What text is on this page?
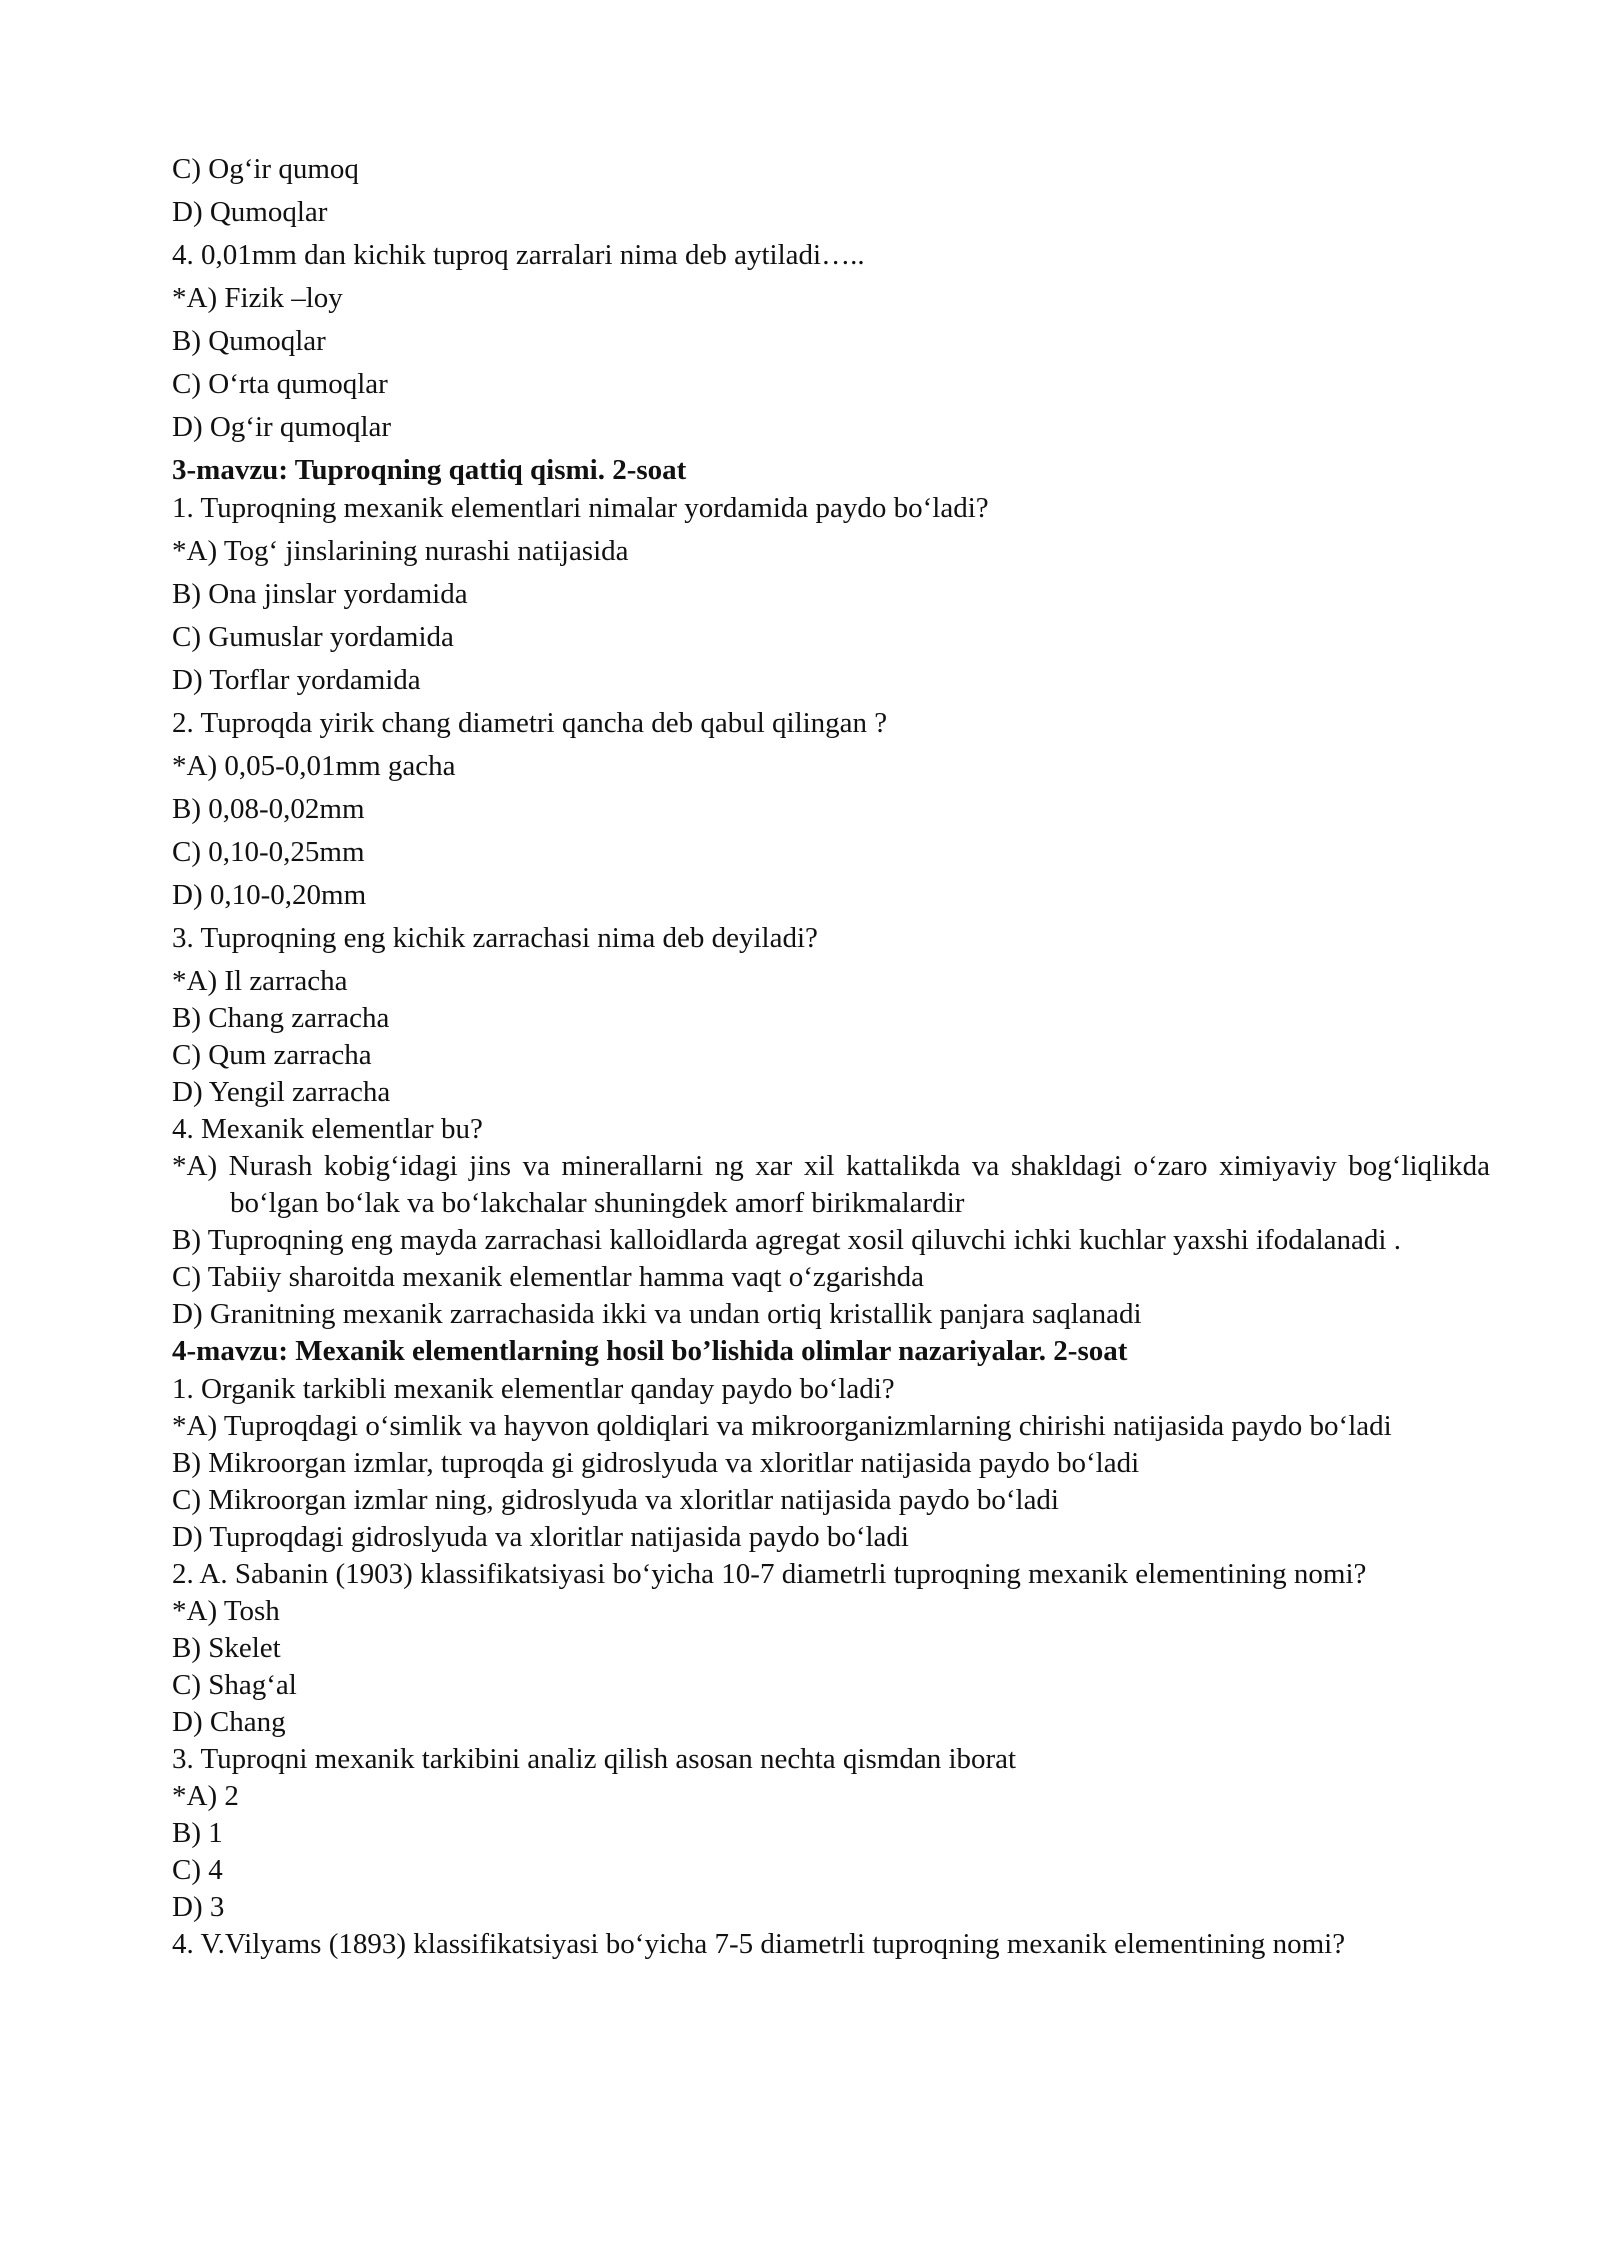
C) Og‘ir qumoq
D) Qumoqlar
4. 0,01mm dan kichik tuproq zarralari nima deb aytiladi…..
*A) Fizik –loy
B) Qumoqlar
C) O‘rta qumoqlar
D) Og‘ir qumoqlar
3-mavzu: Tuproqning qattiq qismi. 2-soat
1. Tuproqning mexanik elementlari nimalar yordamida paydo bo‘ladi?
*A) Tog‘ jinslarining nurashi natijasida
B) Ona jinslar yordamida
C) Gumuslar yordamida
D) Torflar yordamida
2. Tuproqda yirik chang diametri qancha deb qabul qilingan ?
*A) 0,05-0,01mm gacha
B) 0,08-0,02mm
C) 0,10-0,25mm
D) 0,10-0,20mm
3. Tuproqning eng kichik zarrachasi nima deb deyiladi?
*A) Il zarracha
B) Chang zarracha
C) Qum zarracha
D) Yengil zarracha
4. Mexanik elementlar bu?
*A) Nurash kobig‘idagi jins va minerallarni ng xar xil kattalikda va shakldagi o‘zaro ximiyaviy bog‘liqlikda bo‘lgan bo‘lak va bo‘lakchalar shuningdek amorf birikmalardir
B) Tuproqning eng mayda zarrachasi kalloidlarda agregat xosil qiluvchi ichki kuchlar yaxshi ifodalanadi .
C) Tabiiy sharoitda mexanik elementlar hamma vaqt o‘zgarishda
D) Granitning mexanik zarrachasida ikki va undan ortiq kristallik panjara saqlanadi
4-mavzu: Mexanik elementlarning hosil bo’lishida olimlar nazariyalar. 2-soat
1. Organik tarkibli mexanik elementlar qanday paydo bo‘ladi?
*A) Tuproqdagi o‘simlik va hayvon qoldiqlari va mikroorganizmlarning chirishi natijasida paydo bo‘ladi
B) Mikroorgan izmlar, tuproqda gi gidroslyuda va xloritlar natijasida paydo bo‘ladi
C) Mikroorgan izmlar ning, gidroslyuda va xloritlar natijasida paydo bo‘ladi
D) Tuproqdagi gidroslyuda va xloritlar natijasida paydo bo‘ladi
2. A. Sabanin (1903) klassifikatsiyasi bo‘yicha 10-7 diametrli tuproqning mexanik elementining nomi?
*A) Tosh
B) Skelet
C) Shag‘al
D) Chang
3. Tuproqni mexanik tarkibini analiz qilish asosan nechta qismdan iborat
*A) 2
B) 1
C) 4
D) 3
4. V.Vilyams (1893) klassifikatsiyasi bo‘yicha 7-5 diametrli tuproqning mexanik elementining nomi?
